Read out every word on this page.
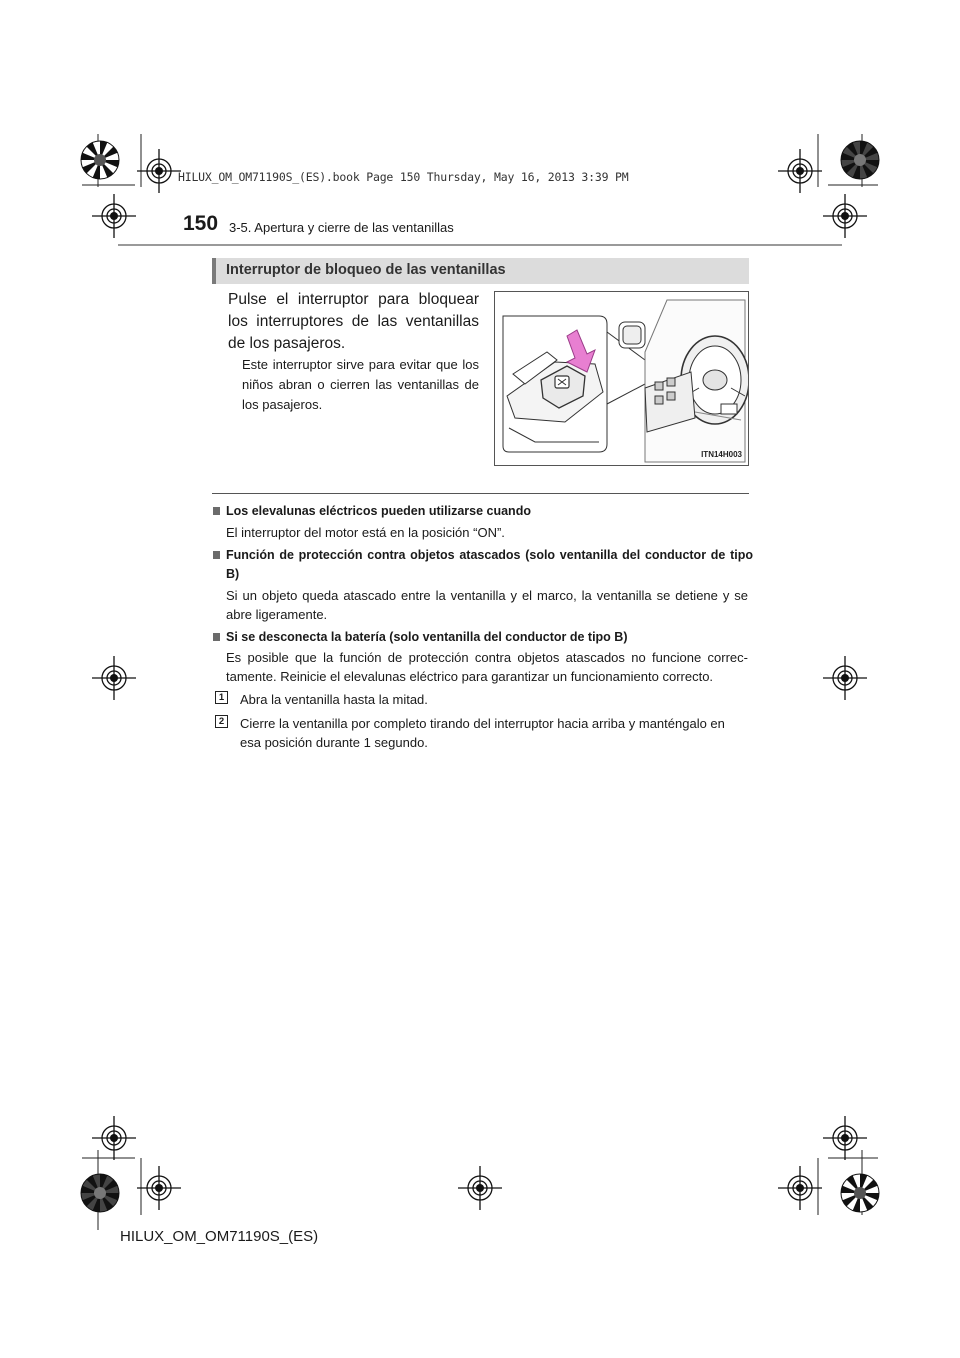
HILUX_OM_OM71190S_(ES).book Page 150 Thursday, May 16, 2013 3:39 PM
150 3-5. Apertura y cierre de las ventanillas
Interruptor de bloqueo de las ventanillas
Pulse el interruptor para bloquear los interruptores de las ventanillas de los pasajeros.
Este interruptor sirve para evitar que los niños abran o cierren las ventanillas de los pasajeros.
ITN14H003
Los elevalunas eléctricos pueden utilizarse cuando
El interruptor del motor está en la posición “ON”.
Función de protección contra objetos atascados (solo ventanilla del conductor de tipo B)
Si un objeto queda atascado entre la ventanilla y el marco, la ventanilla se detiene y se abre ligeramente.
Si se desconecta la batería (solo ventanilla del conductor de tipo B)
Es posible que la función de protección contra objetos atascados no funcione correc-tamente. Reinicie el elevalunas eléctrico para garantizar un funcionamiento correcto.
1 Abra la ventanilla hasta la mitad.
2 Cierre la ventanilla por completo tirando del interruptor hacia arriba y manténgalo en esa posición durante 1 segundo.
HILUX_OM_OM71190S_(ES)
